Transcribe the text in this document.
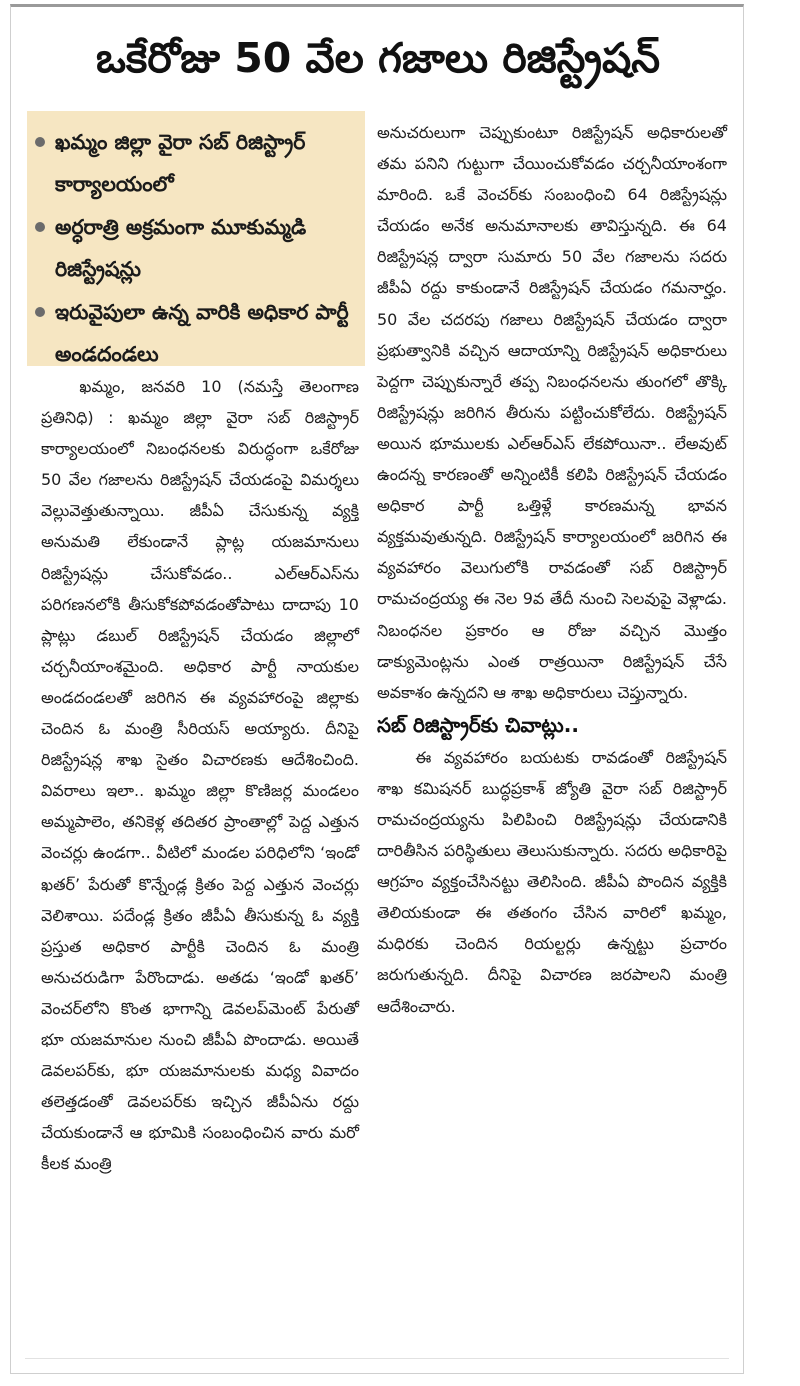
ఒకేరోజు 50 వేల గజాలు రిజిస్ట్రేషన్
ఖమ్మం జిల్లా వైరా సబ్ రిజిస్ట్రార్ కార్యాలయంలో
అర్ధరాత్రి అక్రమంగా మూకుమ్మడి రిజిస్ట్రేషన్లు
ఇరువైపులా ఉన్న వారికి అధికార పార్టీ అండదండలు

ఖమ్మం, జనవరి 10 (నమస్తే తెలంగాణ ప్రతినిధి) : ఖమ్మం జిల్లా వైరా సబ్ రిజిస్ట్రార్ కార్యాలయంలో నిబంధనలకు విరుద్ధంగా ఒకేరోజు 50 వేల గజాలను రిజిస్ట్రేషన్ చేయడంపై విమర్శలు వెల్లువెత్తుతున్నాయి. జీపీఏ చేసుకున్న వ్యక్తి అనుమతి లేకుండానే ప్లాట్ల యజమానులు రిజిస్ట్రేషన్లు చేసుకోవడం.. ఎల్‌ఆర్‌ఎస్‌ను పరిగణనలోకి తీసుకోకపోవడంతోపాటు దాదాపు 10 ప్లాట్లు డబుల్ రిజిస్ట్రేషన్ చేయడం జిల్లాలో చర్చనీయాంశమైంది. అధికార పార్టీ నాయకుల అండదండలతో జరిగిన ఈ వ్యవహారంపై జిల్లాకు చెందిన ఓ మంత్రి సీరియస్ అయ్యారు. దీనిపై రిజిస్ట్రేషన్ల శాఖ సైతం విచారణకు ఆదేశించింది. వివరాలు ఇలా.. ఖమ్మం జిల్లా కొణిజర్ల మండలం అమ్మపాలెం, తనికెళ్ల తదితర ప్రాంతాల్లో పెద్ద ఎత్తున వెంచర్లు ఉండగా.. వీటిలో మండల పరిధిలోని ‘ఇండో ఖతర్’ పేరుతో కొన్నేండ్ల క్రితం పెద్ద ఎత్తున వెంచర్లు వెలిశాయి. పదేండ్ల క్రితం జీపీఏ తీసుకున్న ఓ వ్యక్తి ప్రస్తుత అధికార పార్టీకి చెందిన ఓ మంత్రి అనుచరుడిగా పేరొందాడు. అతడు ‘ఇండో ఖతర్’ వెంచర్‌లోని కొంత భాగాన్ని డెవలప్‌మెంట్ పేరుతో భూ యజమానుల నుంచి జీపీఏ పొందాడు. అయితే డెవలపర్‌కు, భూ యజమానులకు మధ్య వివాదం తలెత్తడంతో డెవలపర్‌కు ఇచ్చిన జీపీఏను రద్దు చేయకుండానే ఆ భూమికి సంబంధించిన వారు మరో కీలక మంత్రి

అనుచరులుగా చెప్పుకుంటూ రిజిస్ట్రేషన్ అధికారులతో తమ పనిని గుట్టుగా చేయించుకోవడం చర్చనీయాంశంగా మారింది. ఒకే వెంచర్‌కు సంబంధించి 64 రిజిస్ట్రేషన్లు చేయడం అనేక అనుమానాలకు తావిస్తున్నది. ఈ 64 రిజిస్ట్రేషన్ల ద్వారా సుమారు 50 వేల గజాలను సదరు జీపీఏ రద్దు కాకుండానే రిజిస్ట్రేషన్ చేయడం గమనార్హం. 50 వేల చదరపు గజాలు రిజిస్ట్రేషన్ చేయడం ద్వారా ప్రభుత్వానికి వచ్చిన ఆదాయాన్ని రిజిస్ట్రేషన్ అధికారులు పెద్దగా చెప్పుకున్నారే తప్ప నిబంధనలను తుంగలో తొక్కి రిజిస్ట్రేషన్లు జరిగిన తీరును పట్టించుకోలేదు. రిజిస్ట్రేషన్ అయిన భూములకు ఎల్‌ఆర్‌ఎస్ లేకపోయినా.. లేఅవుట్ ఉందన్న కారణంతో అన్నింటికీ కలిపి రిజిస్ట్రేషన్ చేయడం అధికార పార్టీ ఒత్తిళ్లే కారణమన్న భావన వ్యక్తమవుతున్నది. రిజిస్ట్రేషన్ కార్యాలయంలో జరిగిన ఈ వ్యవహారం వెలుగులోకి రావడంతో సబ్ రిజిస్ట్రార్ రామచంద్రయ్య ఈ నెల 9వ తేదీ నుంచి సెలవుపై వెళ్లాడు. నిబంధనల ప్రకారం ఆ రోజు వచ్చిన మొత్తం డాక్యుమెంట్లను ఎంత రాత్రయినా రిజిస్ట్రేషన్ చేసే అవకాశం ఉన్నదని ఆ శాఖ అధికారులు చెప్తున్నారు.

సబ్ రిజిస్ట్రార్‌కు చివాట్లు..

ఈ వ్యవహారం బయటకు రావడంతో రిజిస్ట్రేషన్ శాఖ కమిషనర్ బుద్ధప్రకాశ్ జ్యోతి వైరా సబ్ రిజిస్ట్రార్ రామచంద్రయ్యను పిలిపించి రిజిస్ట్రేషన్లు చేయడానికి దారితీసిన పరిస్థితులు తెలుసుకున్నారు. సదరు అధికారిపై ఆగ్రహం వ్యక్తంచేసినట్టు తెలిసింది. జీపీఏ పొందిన వ్యక్తికి తెలియకుండా ఈ తతంగం చేసిన వారిలో ఖమ్మం, మధిరకు చెందిన రియల్టర్లు ఉన్నట్టు ప్రచారం జరుగుతున్నది. దీనిపై విచారణ జరపాలని మంత్రి ఆదేశించారు.
